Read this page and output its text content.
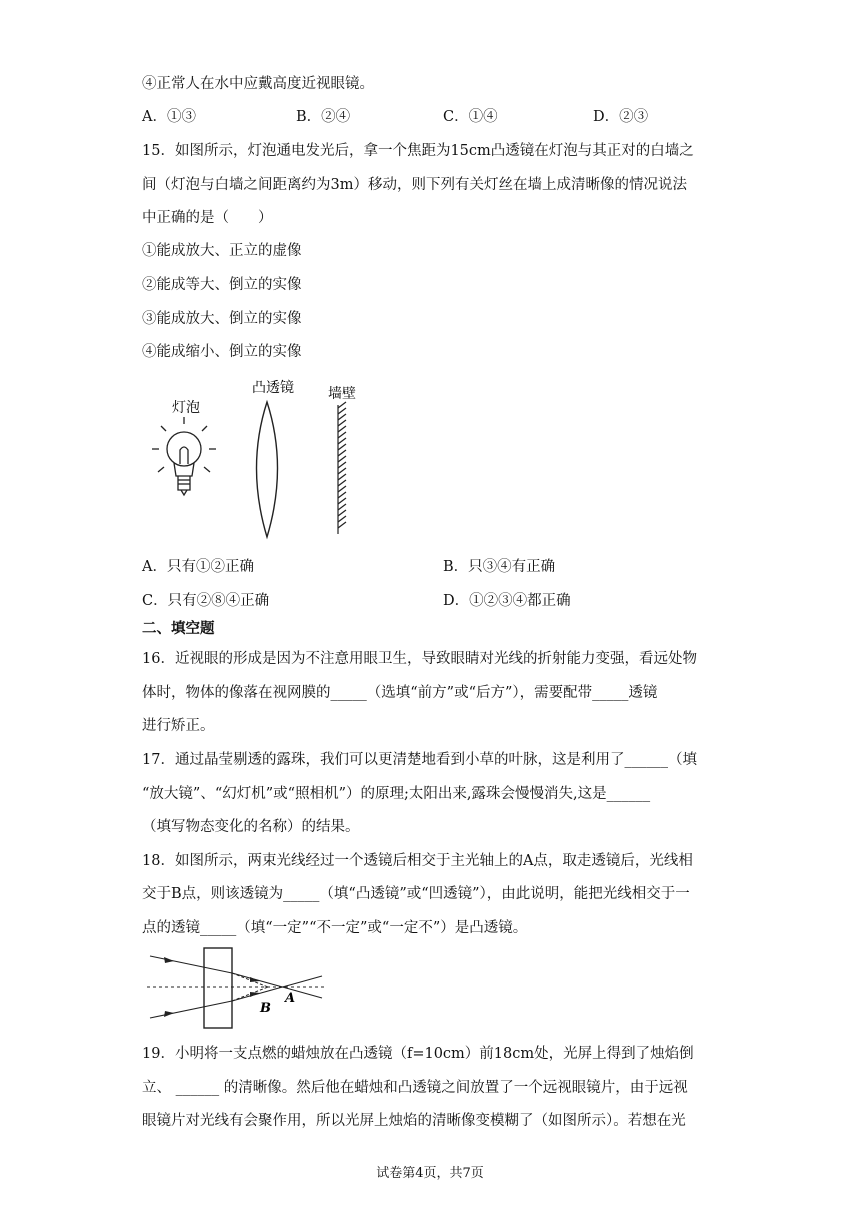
④正常人在水中应戴高度近视眼镜。
A．①③	B．②④	C．①④	D．②③
15．如图所示，灯泡通电发光后，拿一个焦距为15cm凸透镜在灯泡与其正对的白墙之
间（灯泡与白墙之间距离约为3m）移动，则下列有关灯丝在墙上成清晰像的情况说法
中正确的是（　　）
①能成放大、正立的虚像
②能成等大、倒立的实像
③能成放大、倒立的实像
④能成缩小、倒立的实像
灯泡
凸透镜 墙壁
A．只有①②正确	B．只③④有正确
C．只有②⑧④正确	D．①②③④都正确
二、填空题
16．近视眼的形成是因为不注意用眼卫生，导致眼睛对光线的折射能力变强，看远处物
体时，物体的像落在视网膜的_____（选填“前方”或“后方”），需要配带_____透镜
进行矫正。
17．通过晶莹剔透的露珠，我们可以更清楚地看到小草的叶脉，这是利用了______（填
“放大镜”、“幻灯机”或“照相机”）的原理;太阳出来,露珠会慢慢消失,这是______
（填写物态变化的名称）的结果。
18．如图所示，两束光线经过一个透镜后相交于主光轴上的A点，取走透镜后，光线相
交于B点，则该透镜为_____（填“凸透镜”或“凹透镜”），由此说明，能把光线相交于一
点的透镜_____（填“一定”“不一定”或“一定不”）是凸透镜。
A
B
19．小明将一支点燃的蜡烛放在凸透镜（f=10cm）前18cm处，光屏上得到了烛焰倒
立、 ______ 的清晰像。然后他在蜡烛和凸透镜之间放置了一个远视眼镜片，由于远视
眼镜片对光线有会聚作用，所以光屏上烛焰的清晰像变模糊了（如图所示）。若想在光
试卷第4页，共7页
